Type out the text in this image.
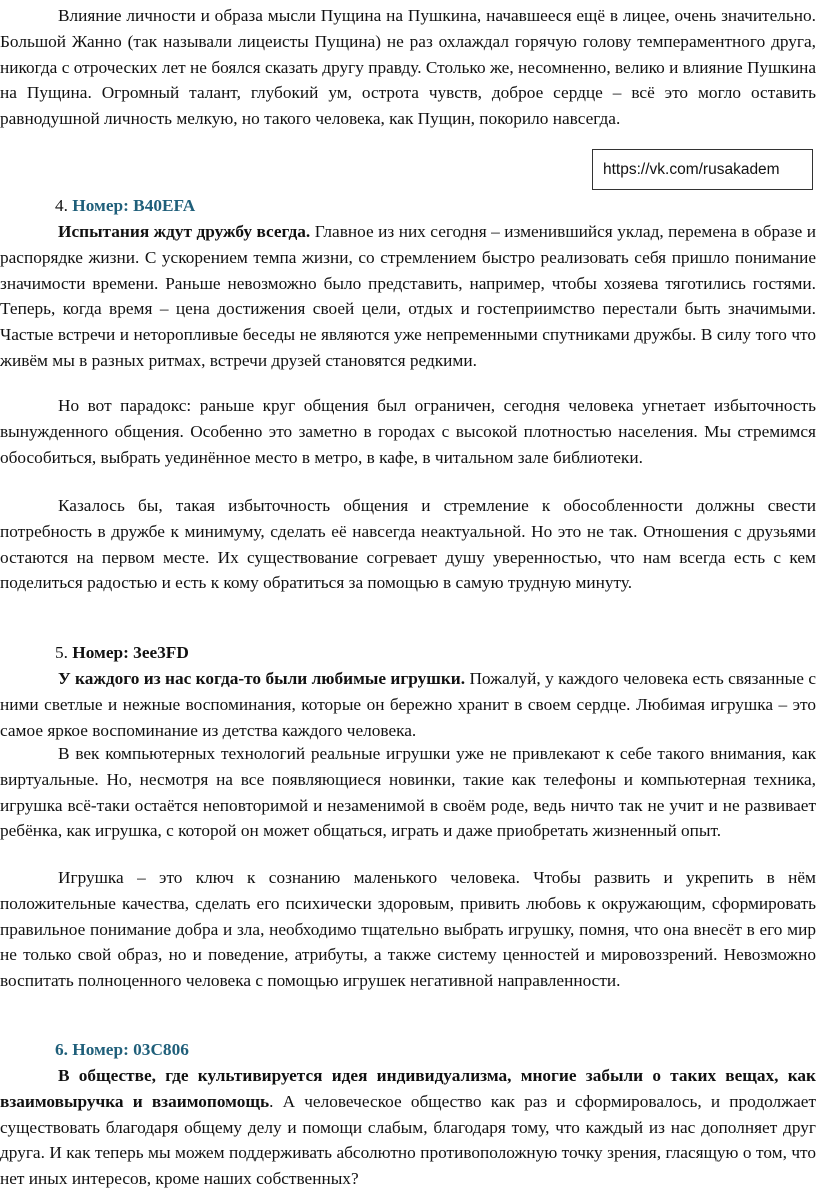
Влияние личности и образа мысли Пущина на Пушкина, начавшееся ещё в лицее, очень значительно. Большой Жанно (так называли лицеисты Пущина) не раз охлаждал горячую голову темпераментного друга, никогда с отроческих лет не боялся сказать другу правду. Столько же, несомненно, велико и влияние Пушкина на Пущина. Огромный талант, глубокий ум, острота чувств, доброе сердце – всё это могло оставить равнодушной личность мелкую, но такого человека, как Пущин, покорило навсегда.

https://vk.com/rusakadem

4. Номер: B40EFA

Испытания ждут дружбу всегда. Главное из них сегодня – изменившийся уклад, перемена в образе и распорядке жизни. С ускорением темпа жизни, со стремлением быстро реализовать себя пришло понимание значимости времени. Раньше невозможно было представить, например, чтобы хозяева тяготились гостями. Теперь, когда время – цена достижения своей цели, отдых и гостеприимство перестали быть значимыми. Частые встречи и неторопливые беседы не являются уже непременными спутниками дружбы. В силу того что живём мы в разных ритмах, встречи друзей становятся редкими.

Но вот парадокс: раньше круг общения был ограничен, сегодня человека угнетает избыточность вынужденного общения. Особенно это заметно в городах с высокой плотностью населения. Мы стремимся обособиться, выбрать уединённое место в метро, в кафе, в читальном зале библиотеки.

Казалось бы, такая избыточность общения и стремление к обособленности должны свести потребность в дружбе к минимуму, сделать её навсегда неактуальной. Но это не так. Отношения с друзьями остаются на первом месте. Их существование согревает душу уверенностью, что нам всегда есть с кем поделиться радостью и есть к кому обратиться за помощью в самую трудную минуту.

5. Номер: 3ee3FD

У каждого из нас когда-то были любимые игрушки. Пожалуй, у каждого человека есть связанные с ними светлые и нежные воспоминания, которые он бережно хранит в своем сердце. Любимая игрушка – это самое яркое воспоминание из детства каждого человека.

В век компьютерных технологий реальные игрушки уже не привлекают к себе такого внимания, как виртуальные. Но, несмотря на все появляющиеся новинки, такие как телефоны и компьютерная техника, игрушка всё-таки остаётся неповторимой и незаменимой в своём роде, ведь ничто так не учит и не развивает ребёнка, как игрушка, с которой он может общаться, играть и даже приобретать жизненный опыт.

Игрушка – это ключ к сознанию маленького человека. Чтобы развить и укрепить в нём положительные качества, сделать его психически здоровым, привить любовь к окружающим, сформировать правильное понимание добра и зла, необходимо тщательно выбрать игрушку, помня, что она внесёт в его мир не только свой образ, но и поведение, атрибуты, а также систему ценностей и мировоззрений. Невозможно воспитать полноценного человека с помощью игрушек негативной направленности.

6. Номер: 03C806

В обществе, где культивируется идея индивидуализма, многие забыли о таких вещах, как взаимовыручка и взаимопомощь. А человеческое общество как раз и сформировалось, и продолжает существовать благодаря общему делу и помощи слабым, благодаря тому, что каждый из нас дополняет друг друга. И как теперь мы можем поддерживать абсолютно противоположную точку зрения, гласящую о том, что нет иных интересов, кроме наших собственных?
